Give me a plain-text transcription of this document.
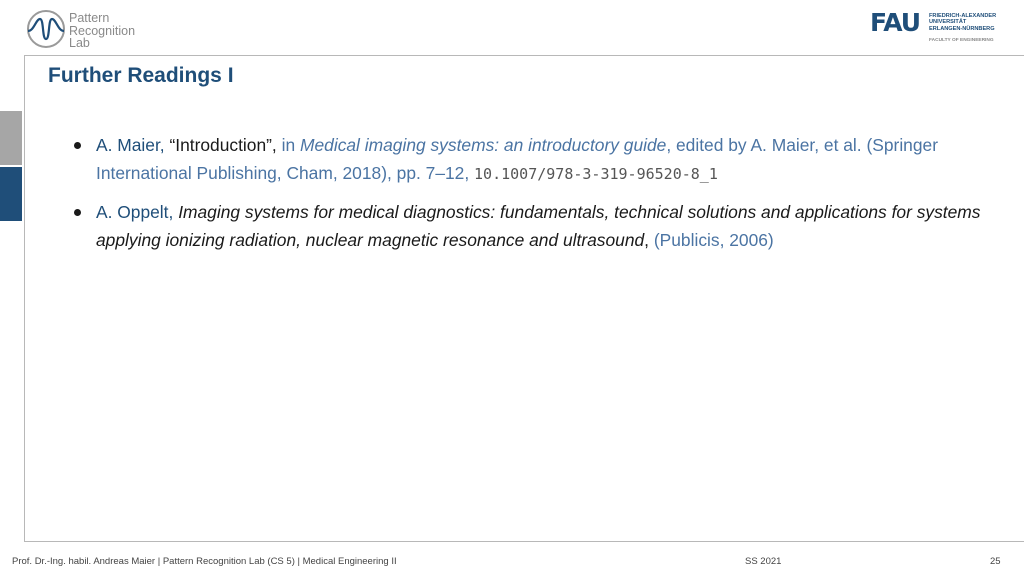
Pattern
Recognition
Lab
FAU FRIEDRICH-ALEXANDER
UNIVERSITÄT
ERLANGEN-NÜRNBERG
FACULTY OF ENGINEERING
Further Readings I
A. Maier, “Introduction”, in Medical imaging systems: an introductory guide, edited by A. Maier, et al. (Springer International Publishing, Cham, 2018), pp. 7–12, 10.1007/978-3-319-96520-8_1
A. Oppelt, Imaging systems for medical diagnostics: fundamentals, technical solutions and applications for systems applying ionizing radiation, nuclear magnetic resonance and ultrasound, (Publicis, 2006)
Prof. Dr.-Ing. habil. Andreas Maier | Pattern Recognition Lab (CS 5) | Medical Engineering II	SS 2021	25
